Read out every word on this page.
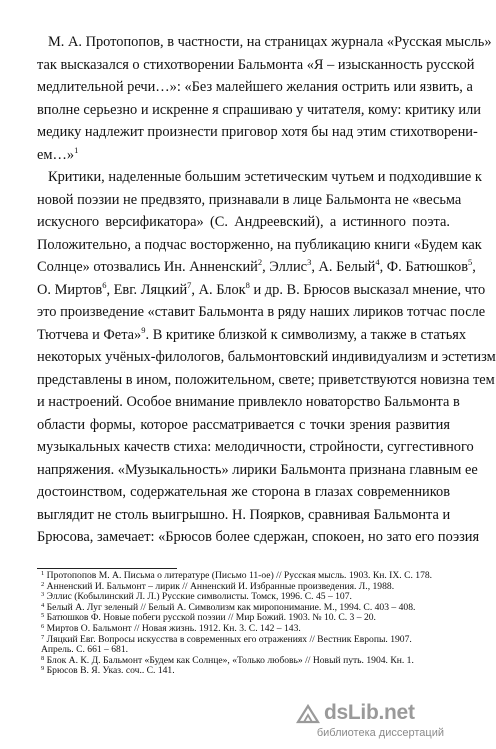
М. А. Протопопов, в частности, на страницах журнала «Русская мысль»
так высказался о стихотворении Бальмонта «Я – изысканность русской
медлительной речи…»: «Без малейшего желания острить или язвить, а
вполне серьезно и искренне я спрашиваю у читателя, кому: критику или
медику надлежит произнести приговор хотя бы над этим стихотворени-
ем…»$^1$
Критики, наделенные большим эстетическим чутьем и подходившие к
новой поэзии не предвзято, признавали в лице Бальмонта не «весьма
искусного версификатора» (С. Андреевский), а истинного поэта.
Положительно, а подчас восторженно, на публикацию книги «Будем как
Солнце» отозвались Ин. Анненский$^2$, Эллис$^3$, А. Белый$^4$, Ф. Батюшков$^5$,
О. Миртов$^6$, Евг. Ляцкий$^7$, А. Блок$^8$ и др. В. Брюсов высказал мнение, что
это произведение «ставит Бальмонта в ряду наших лириков тотчас после
Тютчева и Фета»$^9$. В критике близкой к символизму, а также в статьях
некоторых учёных-филологов, бальмонтовский индивидуализм и эстетизм
представлены в ином, положительном, свете; приветствуются новизна тем
и настроений. Особое внимание привлекло новаторство Бальмонта в
области формы, которое рассматривается с точки зрения развития
музыкальных качеств стиха: мелодичности, стройности, суггестивного
напряжения. «Музыкальность» лирики Бальмонта признана главным ее
достоинством, содержательная же сторона в глазах современников
выглядит не столь выигрышно. Н. Поярков, сравнивая Бальмонта и
Брюсова, замечает: «Брюсов более сдержан, спокоен, но зато его поэзия
$^1$ Протопопов М. А. Письма о литературе (Письмо 11-ое) // Русская мысль. 1903. Кн. IX. С. 178.
$^2$ Анненский И. Бальмонт – лирик // Анненский И. Избранные произведения. Л., 1988.
$^3$ Эллис (Кобылинский Л. Л.) Русские символисты. Томск, 1996. С. 45 – 107.
$^4$ Белый А. Луг зеленый // Белый А. Символизм как миропонимание. М., 1994. С. 403 – 408.
$^5$ Батюшков Ф. Новые побеги русской поэзии // Мир Божий. 1903. № 10. С. 3 – 20.
$^6$ Миртов О. Бальмонт // Новая жизнь. 1912. Кн. 3. С. 142 – 143.
$^7$ Ляцкий Евг. Вопросы искусства в современных его отражениях // Вестник Европы. 1907.
Апрель. С. 661 – 681.
$^8$ Блок А. К. Д. Бальмонт «Будем как Солнце», «Только любовь» // Новый путь. 1904. Кн. 1.
$^9$ Брюсов В. Я. Указ. соч.. С. 141.
dsLib.net
библиотека диссертаций
